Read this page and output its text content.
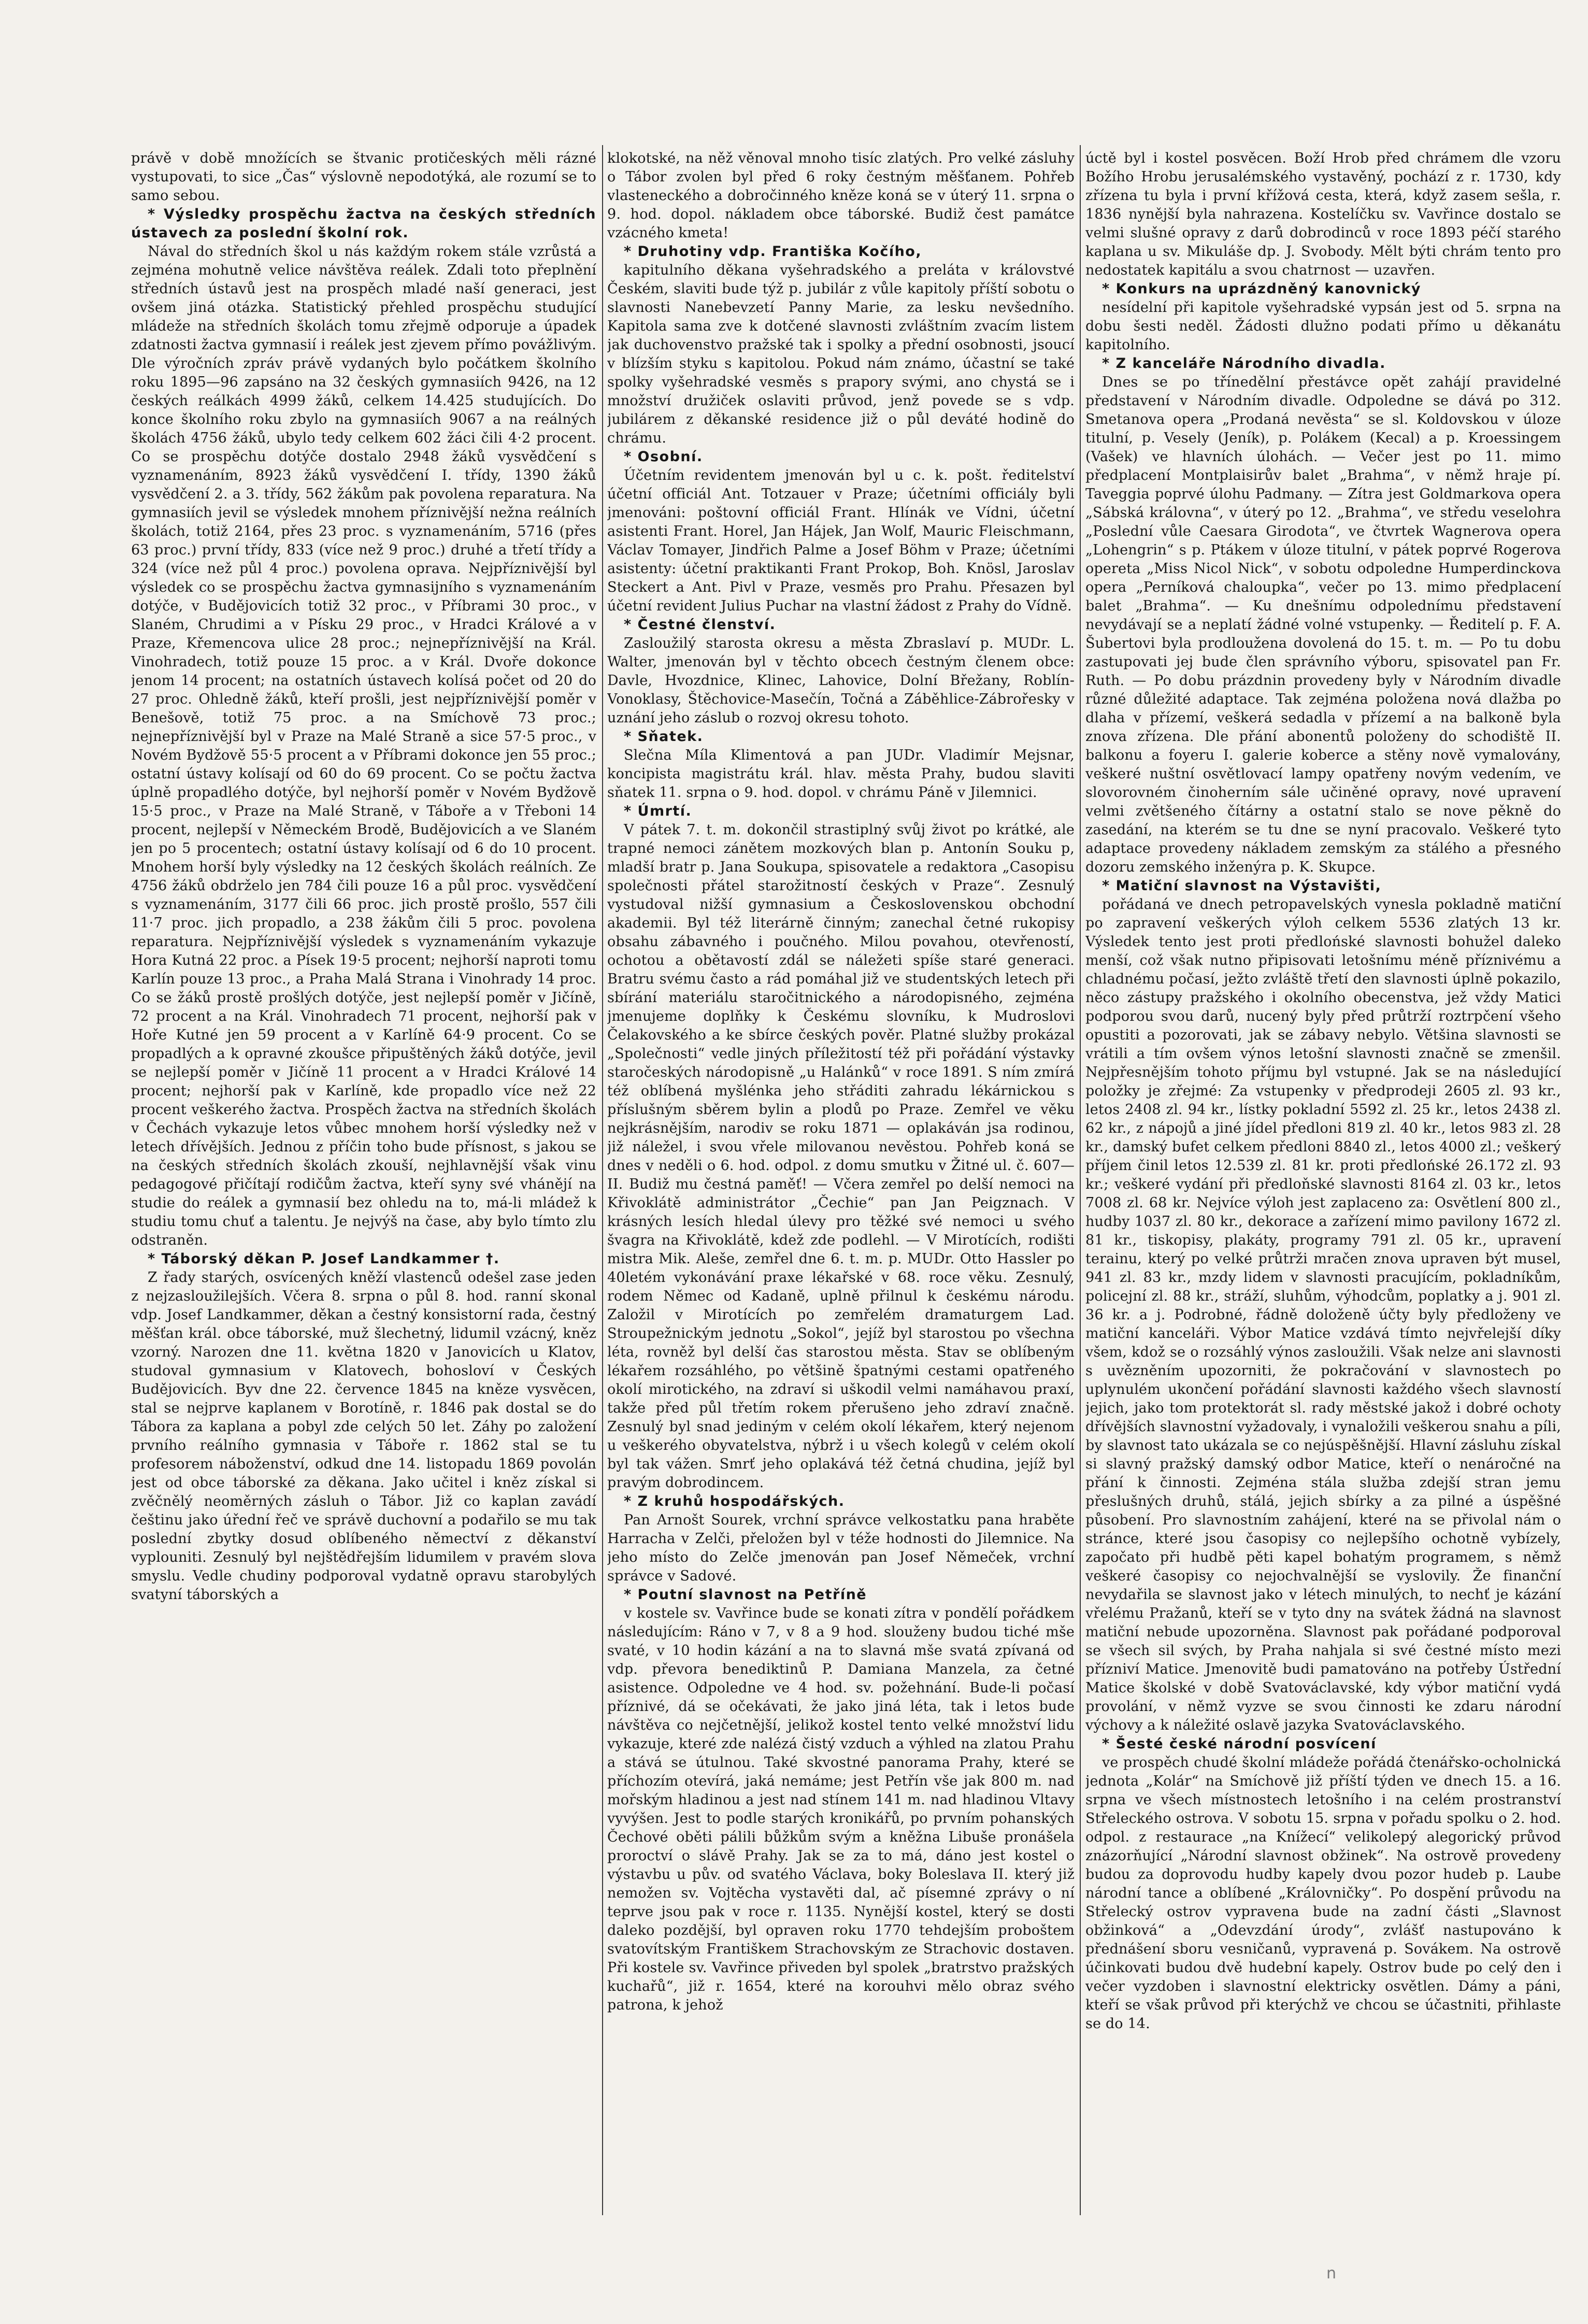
právě v době množících se štvanic protičeských měli rázné vystupovati, to sice „Čas“ výslovně nepodotýká, ale rozumí se to samo sebou.

* Výsledky prospěchu žactva na českých středních ústavech za poslední školní rok.

Nával do středních škol u nás každým rokem stále vzrůstá a zejména mohutně velice návštěva reálek. Zdali toto přeplnění středních ústavů jest na prospěch mladé naší generaci, jest ovšem jiná otázka. Statistický přehled prospěchu studující mládeže na středních školách tomu zřejmě odporuje a úpadek zdatnosti žactva gymnasií i reálek jest zjevem přímo povážlivým. Dle výročních zpráv právě vydaných bylo počátkem školního roku 1895—96 zapsáno na 32 českých gymnasiích 9426, na 12 českých reálkách 4999 žáků, celkem 14.425 studujících. Do konce školního roku zbylo na gymnasiích 9067 a na reálných školách 4756 žáků, ubylo tedy celkem 602 žáci čili 4·2 procent. Co se prospěchu dotýče dostalo 2948 žáků vysvědčení s vyznamenáním, 8923 žáků vysvědčení I. třídy, 1390 žáků vysvědčení 2. a 3. třídy, 562 žákům pak povolena reparatura. Na gymnasiích jevil se výsledek mnohem příznivější nežna reálních školách, totiž 2164, přes 23 proc. s vyznamenáním, 5716 (přes 63 proc.) první třídy, 833 (více než 9 proc.) druhé a třetí třídy a 324 (více než půl 4 proc.) povolena oprava. Nejpříznivější byl výsledek co se prospěchu žactva gymnasijního s vyznamenáním dotýče, v Budějovicích totiž 32 proc., v Příbrami 30 proc., v Slaném, Chrudimi a v Písku 29 proc., v Hradci Králové a v Praze, Křemencova ulice 28 proc.; nejnepříznivější na Král. Vinohradech, totiž pouze 15 proc. a v Král. Dvoře dokonce jenom 14 procent; na ostatních ústavech kolísá počet od 20 do 27 proc. Ohledně žáků, kteří prošli, jest nejpříznivější poměr v Benešově, totiž 75 proc. a na Smíchově 73 proc.; nejnepříznivější byl v Praze na Malé Straně a sice 57·5 proc., v Novém Bydžově 55·5 procent a v Příbrami dokonce jen 55 proc.; ostatní ústavy kolísají od 60 do 69 procent. Co se počtu žactva úplně propadlého dotýče, byl nejhorší poměr v Novém Bydžově 15·5 proc., v Praze na Malé Straně, v Táboře a v Třeboni 14 procent, nejlepší v Německém Brodě, Budějovicích a ve Slaném jen po 5 procentech; ostatní ústavy kolísají od 6 do 10 procent. Mnohem horší byly výsledky na 12 českých školách reálních. Ze 4756 žáků obdrželo jen 784 čili pouze 16 a půl proc. vysvědčení s vyznamenáním, 3177 čili 66 proc. jich prostě prošlo, 557 čili 11·7 proc. jich propadlo, a 238 žákům čili 5 proc. povolena reparatura. Nejpříznivější výsledek s vyznamenáním vykazuje Hora Kutná 22 proc. a Písek 19·5 procent; nejhorší naproti tomu Karlín pouze 13 proc., a Praha Malá Strana i Vinohrady 14 proc. Co se žáků prostě prošlých dotýče, jest nejlepší poměr v Jičíně, 72 procent a na Král. Vinohradech 71 procent, nejhorší pak v Hoře Kutné jen 59 procent a v Karlíně 64·9 procent. Co se propadlých a k opravné zkoušce připuštěných žáků dotýče, jevil se nejlepší poměr v Jičíně 11 procent a v Hradci Králové 14 procent; nejhorší pak v Karlíně, kde propadlo více než 22 procent veškerého žactva. Prospěch žactva na středních školách v Čechách vykazuje letos vůbec mnohem horší výsledky než v letech dřívějších. Jednou z příčin toho bude přísnost, s jakou se na českých středních školách zkouší, nejhlavnější však vinu pedagogové přičítají rodičům žactva, kteří syny své vhánějí na studie do reálek a gymnasií bez ohledu na to, má-li mládež k studiu tomu chuť a talentu. Je nejvýš na čase, aby bylo tímto zlu odstraněn.

* Táborský děkan P. Josef Landkammer †.

Z řady starých, osvícených kněží vlastenců odešel zase jeden z nejzasloužilejších. Včera 8. srpna o půl 8. hod. ranní skonal vdp. Josef Landkammer, děkan a čestný konsistorní rada, čestný měšťan král. obce táborské, muž šlechetný, lidumil vzácný, kněz vzorný. Narozen dne 11. května 1820 v Janovicích u Klatov, studoval gymnasium v Klatovech, bohosloví v Českých Budějovicích. Byv dne 22. července 1845 na kněze vysvěcen, stal se nejprve kaplanem v Borotíně, r. 1846 pak dostal se do Tábora za kaplana a pobyl zde celých 50 let. Záhy po založení prvního reálního gymnasia v Táboře r. 1862 stal se tu profesorem náboženství, odkud dne 14. listopadu 1869 povolán jest od obce táborské za děkana. Jako učitel i kněz získal si zvěčnělý neoměrných zásluh o Tábor. Již co kaplan zavádí češtinu jako úřední řeč ve správě duchovní a podařilo se mu tak poslední zbytky dosud oblíbeného němectví z děkanství vyplouniti. Zesnulý byl nejštědřejším lidumilem v pravém slova smyslu. Vedle chudiny podporoval vydatně opravu starobylých svatyní táborských a

klokotské, na něž věnoval mnoho tisíc zlatých. Pro velké zásluhy o Tábor zvolen byl před 6 roky čestným měšťanem. Pohřeb vlasteneckého a dobročinného kněze koná se v úterý 11. srpna o 9. hod. dopol. nákladem obce táborské. Budiž čest památce vzácného kmeta!

* Druhotiny vdp. Františka Kočího,

kapitulního děkana vyšehradského a preláta v královstvé Českém, slaviti bude týž p. jubilár z vůle kapitoly příští sobotu o slavnosti Nanebevzetí Panny Marie, za lesku nevšedního. Kapitola sama zve k dotčené slavnosti zvláštním zvacím listem jak duchovenstvo pražské tak i spolky a přední osobnosti, jsoucí v blízším styku s kapitolou. Pokud nám známo, účastní se také spolky vyšehradské vesměs s prapory svými, ano chystá se i množství družiček oslaviti průvod, jenž povede se s vdp. jubilárem z děkanské residence již o půl deváté hodině do chrámu.

* Osobní.

Účetním revidentem jmenován byl u c. k. pošt. ředitelství účetní officiál Ant. Totzauer v Praze; účetními officiály byli jmenováni: poštovní officiál Frant. Hlínák ve Vídni, účetní asistenti Frant. Horel, Jan Hájek, Jan Wolf, Mauric Fleischmann, Václav Tomayer, Jindřich Palme a Josef Böhm v Praze; účetními asistenty: účetní praktikanti Frant Prokop, Boh. Knösl, Jaroslav Steckert a Ant. Pivl v Praze, vesměs pro Prahu. Přesazen byl účetní revident Julius Puchar na vlastní žádost z Prahy do Vídně.

* Čestné členství.

Zasloužilý starosta okresu a města Zbraslaví p. MUDr. L. Walter, jmenován byl v těchto obcech čestným členem obce: Davle, Hvozdnice, Klinec, Lahovice, Dolní Břežany, Roblín-Vonoklasy, Štěchovice-Masečín, Točná a Záběhlice-Zábrořesky v uznání jeho záslub o rozvoj okresu tohoto.

* Sňatek.

Slečna Míla Klimentová a pan JUDr. Vladimír Mejsnar, koncipista magistrátu král. hlav. města Prahy, budou slaviti sňatek 11. srpna o 9. hod. dopol. v chrámu Páně v Jilemnici.

* Úmrtí.

V pátek 7. t. m. dokončil strastiplný svůj život po krátké, ale trapné nemoci zánětem mozkových blan p. Antonín Souku p, mladší bratr p. Jana Soukupa, spisovatele a redaktora „Casopisu společnosti přátel starožitností českých v Praze“. Zesnulý vystudoval nižší gymnasium a Československou obchodní akademii. Byl též literárně činným; zanechal četné rukopisy obsahu zábavného i poučného. Milou povahou, otevřeností, ochotou a obětavostí zdál se náležeti spíše staré generaci. Bratru svému často a rád pomáhal již ve studentských letech při sbírání materiálu staročitnického a národopisného, zejména jmenujeme doplňky k Českému slovníku, k Mudroslovi Čelakovského a ke sbírce českých pověr. Platné služby prokázal „Společnosti“ vedle jiných příležitostí též při pořádání výstavky staročeských národopisně „u Halánků“ v roce 1891. S ním zmírá též oblíbená myšlénka jeho střáditi zahradu lékárnickou s příslušným sběrem bylin a plodů po Praze. Zemřel ve věku nejkrásnějším, narodiv se roku 1871 — oplakáván jsa rodinou, již náležel, i svou vřele milovanou nevěstou. Pohřeb koná se dnes v neděli o 6. hod. odpol. z domu smutku v Žitné ul. č. 607—II. Budiž mu čestná paměť! — Včera zemřel po delší nemoci na Křivoklátě administrátor „Čechie“ pan Jan Peigznach. V krásných lesích hledal úlevy pro těžké své nemoci u svého švagra na Křivoklátě, kdež zde podlehl. — V Mirotících, rodišti mistra Mik. Aleše, zemřel dne 6. t. m. p. MUDr. Otto Hassler po 40letém vykonávání praxe lékařské v 68. roce věku. Zesnulý, rodem Němec od Kadaně, uplně přilnul k českému národu. Založil v Mirotících po zemřelém dramaturgem Lad. Stroupežnickým jednotu „Sokol“, jejíž byl starostou po všechna léta, rovněž byl delší čas starostou města. Stav se oblíbeným lékařem rozsáhlého, po většině špatnými cestami opatřeného okolí mirotického, na zdraví si uškodil velmi namáhavou praxí, takže před půl třetím rokem přerušeno jeho zdraví značně. Zesnulý byl snad jediným v celém okolí lékařem, který nejenom u veškerého obyvatelstva, nýbrž i u všech kolegů v celém okolí byl tak vážen. Smrť jeho oplakává též četná chudina, jejíž byl pravým dobrodincem.

* Z kruhů hospodářských.

Pan Arnošt Sourek, vrchní správce velkostatku pana hraběte Harracha v Zelči, přeložen byl v téže hodnosti do Jilemnice. Na jeho místo do Zelče jmenován pan Josef Němeček, vrchní správce v Sadové.

* Poutní slavnost na Petříně

v kostele sv. Vavřince bude se konati zítra v pondělí pořádkem následujícím: Ráno v 7, v 8 a 9 hod. slouženy budou tiché mše svaté, v 10 hodin kázání a na to slavná mše svatá zpívaná od vdp. převora benediktinů P. Damiana Manzela, za četné asistence. Odpoledne ve 4 hod. sv. požehnání. Bude-li počasí příznivé, dá se očekávati, že jako jiná léta, tak i letos bude návštěva co nejčetnější, jelikož kostel tento velké množství lidu vykazuje, které zde nalézá čistý vzduch a výhled na zlatou Prahu a stává se útulnou. Také skvostné panorama Prahy, které se příchozím otevírá, jaká nemáme; jest Petřín vše jak 800 m. nad mořským hladinou a jest nad stínem 141 m. nad hladinou Vltavy vyvýšen. Jest to podle starých kronikářů, po prvním pohanských Čechové oběti pálili bůžkům svým a kněžna Libuše pronášela proroctví o slávě Prahy. Jak se za to má, dáno jest kostel o výstavbu u pův. od svatého Václava, boky Boleslava II. který již nemožen sv. Vojtěcha vystavěti dal, ač písemné zprávy o ní teprve jsou pak v roce r. 1135. Nynější kostel, který se dosti daleko pozdější, byl opraven roku 1770 tehdejším proboštem svatovítským Františkem Strachovským ze Strachovic dostaven. Při kostele sv. Vavřince přiveden byl spolek „bratrstvo pražských kuchařů“, již r. 1654, které na korouhvi mělo obraz svého patrona, k jehož

úctě byl i kostel posvěcen. Boží Hrob před chrámem dle vzoru Božího Hrobu jerusalémského vystavěný, pochází z r. 1730, kdy zřízena tu byla i první křížová cesta, která, když zasem sešla, r. 1836 nynější byla nahrazena. Kostelíčku sv. Vavřince dostalo se velmi slušné opravy z darů dobrodinců v roce 1893 péčí starého kaplana u sv. Mikuláše dp. J. Svobody. Mělt býti chrám tento pro nedostatek kapitálu a svou chatrnost — uzavřen.

* Konkurs na uprázdněný kanovnický

nesídelní při kapitole vyšehradské vypsán jest od 5. srpna na dobu šesti neděl. Žádosti dlužno podati přímo u děkanátu kapitolního.

* Z kanceláře Národního divadla.

Dnes se po třínedělní přestávce opět zahájí pravidelné představení v Národním divadle. Odpoledne se dává po 312. Smetanova opera „Prodaná nevěsta“ se sl. Koldovskou v úloze titulní, p. Vesely (Jeník), p. Polákem (Kecal) a p. Kroessingem (Vašek) ve hlavních úlohách. — Večer jest po 11. mimo předplacení Montplaisirův balet „Brahma“, v němž hraje pí. Taveggia poprvé úlohu Padmany. — Zítra jest Goldmarkova opera „Sábská královna“, v úterý po 12. „Brahma“, ve středu veselohra „Poslední vůle Caesara Girodota“, ve čtvrtek Wagnerova opera „Lohengrin“ s p. Ptákem v úloze titulní, v pátek poprvé Rogerova opereta „Miss Nicol Nick“, v sobotu odpoledne Humperdinckova opera „Perníková chaloupka“, večer po 13. mimo předplacení balet „Brahma“. — Ku dnešnímu odpolednímu představení nevydávají se a neplatí žádné volné vstupenky. — Ředitelí p. F. A. Šubertovi byla prodloužena dovolená do 15. t. m. — Po tu dobu zastupovati jej bude člen správního výboru, spisovatel pan Fr. Ruth. — Po dobu prázdnin provedeny byly v Národním divadle různé důležité adaptace. Tak zejména položena nová dlažba po dlaha v přízemí, veškerá sedadla v přízemí a na balkoně byla znova zřízena. Dle přání abonentů položeny do schodiště II. balkonu a foyeru I. galerie koberce a stěny nově vymalovány, veškeré nuštní osvětlovací lampy opatřeny novým vedením, ve slovorovném činoherním sále učiněné opravy, nové upravení velmi zvětšeného čítárny a ostatní stalo se nove pěkně do zasedání, na kterém se tu dne se nyní pracovalo. Veškeré tyto adaptace provedeny nákladem zemským za stálého a přesného dozoru zemského inženýra p. K. Skupce.

* Matiční slavnost na Výstavišti,

pořádaná ve dnech petropavelských vynesla pokladně matiční po zapravení veškerých výloh celkem 5536 zlatých 13 kr. Výsledek tento jest proti předlońské slavnosti bohužel daleko menší, což však nutno připisovati letošnímu méně příznivému a chladnému počasí, ježto zvláště třetí den slavnosti úplně pokazilo, něco zástupy pražského i okolního obecenstva, jež vždy Matici podporou svou darů, nucený byly před průtrží roztrpčení všeho opustiti a pozorovati, jak se zábavy nebylo. Většina slavnosti se vrátili a tím ovšem výnos letošní slavnosti značně se zmenšil. Nejpřesnějším tohoto příjmu byl vstupné. Jak se na následující položky je zřejmé: Za vstupenky v předprodeji 2605 zl. 93 kr., letos 2408 zl. 94 kr., lístky pokladní 5592 zl. 25 kr., letos 2438 zl. 62 kr., z nápojů a jiné jídel předloni 819 zl. 40 kr., letos 983 zl. 28 kr., damský bufet celkem předloni 8840 zl., letos 4000 zl.; veškerý příjem činil letos 12.539 zl. 81 kr. proti předlońské 26.172 zl. 93 kr.; veškeré vydání při předloňské slavnosti 8164 zl. 03 kr., letos 7008 zl. 68 kr. Nejvíce výloh jest zaplaceno za: Osvětlení 800 zl., hudby 1037 zl. 80 kr., dekorace a zařízení mimo pavilony 1672 zl. 81 kr., tiskopisy, plakáty, programy 791 zl. 05 kr., upravení terainu, který po velké průtrži mračen znova upraven být musel, 941 zl. 83 kr., mzdy lidem v slavnosti pracujícím, pokladníkům, policejní zl. 88 kr., stráží, sluhům, výhodcům, poplatky a j. 901 zl. 36 kr. a j. Podrobné, řádně doloženě účty byly předloženy ve matiční kanceláři. Výbor Matice vzdává tímto nejvřelejší díky všem, kdož se o rozsáhlý výnos zasloužili. Však nelze ani slavnosti s uvězněním upozorniti, že pokračování v slavnostech po uplynulém ukončení pořádání slavnosti každého všech slavností jejich, jako tom protektorát sl. rady městské jakož i dobré ochoty dřívějších slavnostní vyžadovaly, i vynaložili veškerou snahu a píli, by slavnost tato ukázala se co nejúspěšnější. Hlavní zásluhu získal si slavný pražský damský odbor Matice, kteří o nenáročné na přání k činnosti. Zejména stála služba zdejší stran jemu přeslušných druhů, stálá, jejich sbírky a za pilné a úspěšné působení. Pro slavnostním zahájení, které na se přivolal nám o stránce, které jsou časopisy co nejlepšího ochotně vybízely, započato při hudbě pěti kapel bohatým programem, s němž veškeré časopisy co nejochvalnější se vyslovily. Že finanční nevydařila se slavnost jako v létech minulých, to nechť je kázání vřelému Pražanů, kteří se v tyto dny na svátek žádná na slavnost matiční nebude upozorněna. Slavnost pak pořádané podporoval se všech sil svých, by Praha nahjala si své čestné místo mezi přízniví Matice. Jmenovitě budi pamatováno na potřeby Ústřední Matice školské v době Svatováclavské, kdy výbor matiční vydá provolání, v němž vyzve se svou činnosti ke zdaru národní výchovy a k náležité oslavě jazyka Svatováclavského.

* Šesté české národní posvícení

ve prospěch chudé školní mládeže pořádá čtenářsko-ocholnická jednota „Kolár“ na Smíchově již příští týden ve dnech 15. a 16. srpna ve všech místnostech letošního i na celém prostranství Střeleckého ostrova. V sobotu 15. srpna v pořadu spolku o 2. hod. odpol. z restaurace „na Knížecí“ velikolepý alegorický průvod znázorňující „Národní slavnost obžinek“. Na ostrově provedeny budou za doprovodu hudby kapely dvou pozor hudeb p. Laube národní tance a oblíbené „Královničky“. Po dospění průvodu na Střelecký ostrov vypravena bude na zadní části „Slavnost obžinková“ a „Odevzdání úrody“, zvlášť nastupováno k přednášení sboru vesničanů, vypravená p. Sovákem. Na ostrově účinkovati budou dvě hudební kapely. Ostrov bude po celý den i večer vyzdoben i slavnostní elektricky osvětlen. Dámy a páni, kteří se však průvod při kterýchž ve chcou se účastniti, přihlaste se do 14.

n
